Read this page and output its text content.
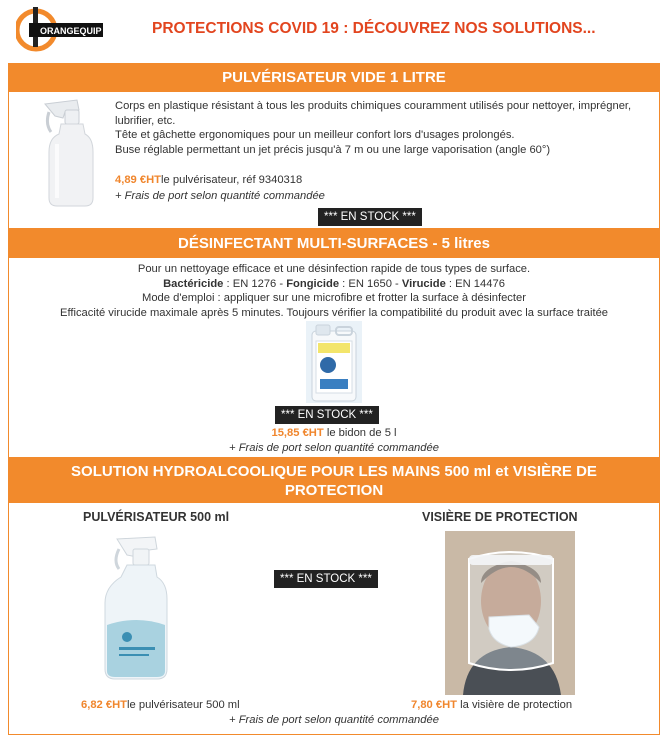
ORANGEQUIP	PROTECTIONS COVID 19 : DÉCOUVREZ NOS SOLUTIONS...
PULVÉRISATEUR VIDE 1 LITRE

Corps en plastique résistant à tous les produits chimiques couramment utilisés pour nettoyer, imprégner, lubrifier, etc.

Tête et gâchette ergonomiques pour un meilleur confort lors d'usages prolongés.

Buse réglable permettant un jet précis jusqu'à 7 m ou une large vaporisation (angle 60°)

4,89 €HTle pulvérisateur, réf 9340318
+ Frais de port selon quantité commandée
*** EN STOCK ***
DÉSINFECTANT MULTI-SURFACES - 5 litres
Pour un nettoyage efficace et une désinfection rapide de tous types de surface.
Bactéricide : EN 1276 - Fongicide : EN 1650 - Virucide : EN 14476
Mode d'emploi : appliquer sur une microfibre et frotter la surface à désinfecter
Efficacité virucide maximale après 5 minutes. Toujours vérifier la compatibilité du produit avec la surface traitée
*** EN STOCK ***
15,85 €HT le bidon de 5 l
+ Frais de port selon quantité commandée
SOLUTION HYDROALCOOLIQUE POUR LES MAINS 500 ml et VISIÈRE DE PROTECTION
PULVÉRISATEUR 500 ml	VISIÈRE DE PROTECTION
*** EN STOCK ***
6,82 €HTle pulvérisateur 500 ml	7,80 €HT la visière de protection
+ Frais de port selon quantité commandée
